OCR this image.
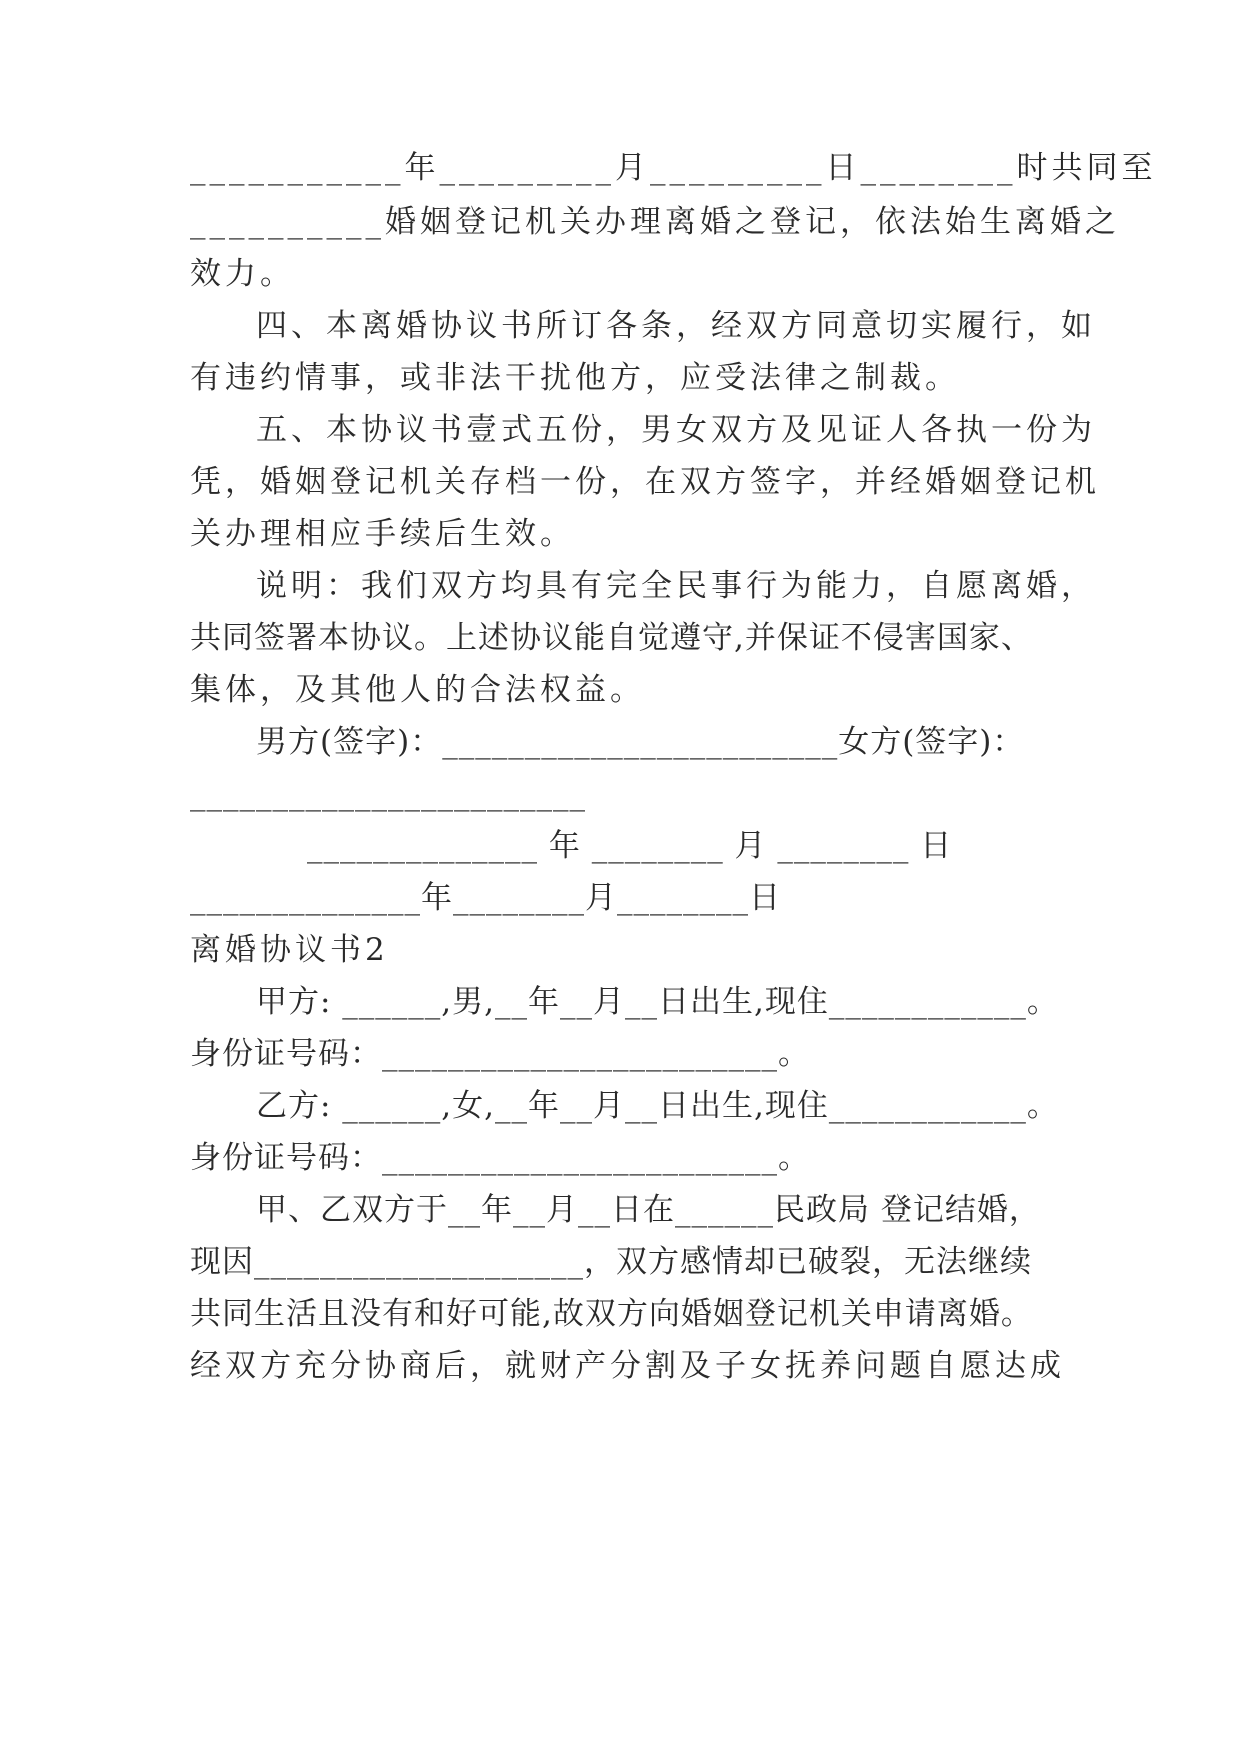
___________年_________月_________日________时共同至
__________婚姻登记机关办理离婚之登记，依法始生离婚之
效力。
四、本离婚协议书所订各条，经双方同意切实履行，如
有违约情事，或非法干扰他方，应受法律之制裁。
五、本协议书壹式五份，男女双方及见证人各执一份为
凭，婚姻登记机关存档一份，在双方签字，并经婚姻登记机
关办理相应手续后生效。
说明：我们双方均具有完全民事行为能力，自愿离婚，
共同签署本协议。上述协议能自觉遵守,并保证不侵害国家、
集体，及其他人的合法权益。
男方(签字)：________________________女方(签字)：
________________________
______________ 年 ________ 月 ________ 日
______________年________月________日
离婚协议书2
甲方: ______,男,__年__月__日出生,现住____________。
身份证号码：________________________。
乙方: ______,女,__年__月__日出生,现住____________。
身份证号码：________________________。
甲、乙双方于__年__月__日在______民政局 登记结婚，
现因____________________，双方感情却已破裂，无法继续
共同生活且没有和好可能,故双方向婚姻登记机关申请离婚。
经双方充分协商后，就财产分割及子女抚养问题自愿达成
